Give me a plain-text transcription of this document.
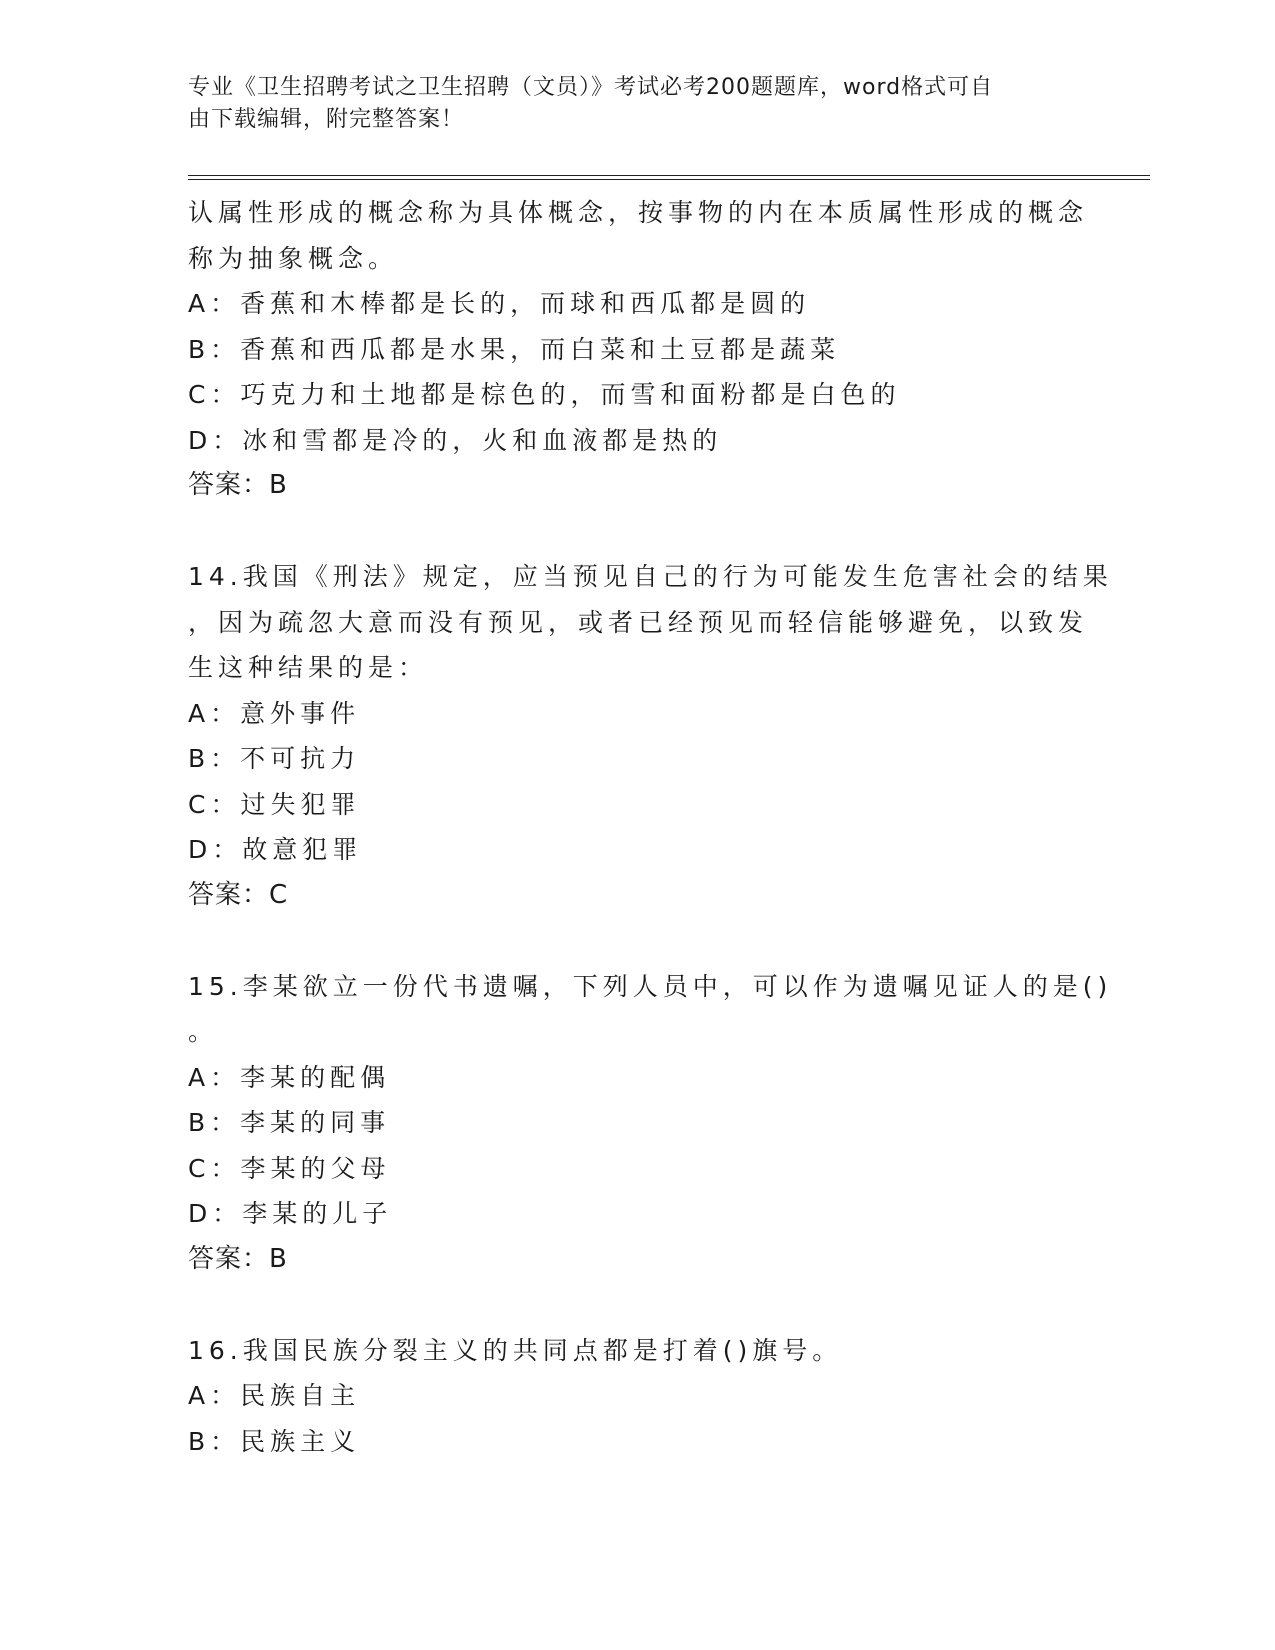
专业《卫生招聘考试之卫生招聘（文员）》考试必考200题题库，word格式可自
由下载编辑，附完整答案！
认属性形成的概念称为具体概念，按事物的内在本质属性形成的概念
称为抽象概念。
A：香蕉和木棒都是长的，而球和西瓜都是圆的
B：香蕉和西瓜都是水果，而白菜和土豆都是蔬菜
C：巧克力和土地都是棕色的，而雪和面粉都是白色的
D：冰和雪都是冷的，火和血液都是热的
答案：B
14.我国《刑法》规定，应当预见自己的行为可能发生危害社会的结果
，因为疏忽大意而没有预见，或者已经预见而轻信能够避免，以致发
生这种结果的是：
A：意外事件
B：不可抗力
C：过失犯罪
D：故意犯罪
答案：C
15.李某欲立一份代书遗嘱，下列人员中，可以作为遗嘱见证人的是()
。
A：李某的配偶
B：李某的同事
C：李某的父母
D：李某的儿子
答案：B
16.我国民族分裂主义的共同点都是打着()旗号。
A：民族自主
B：民族主义
